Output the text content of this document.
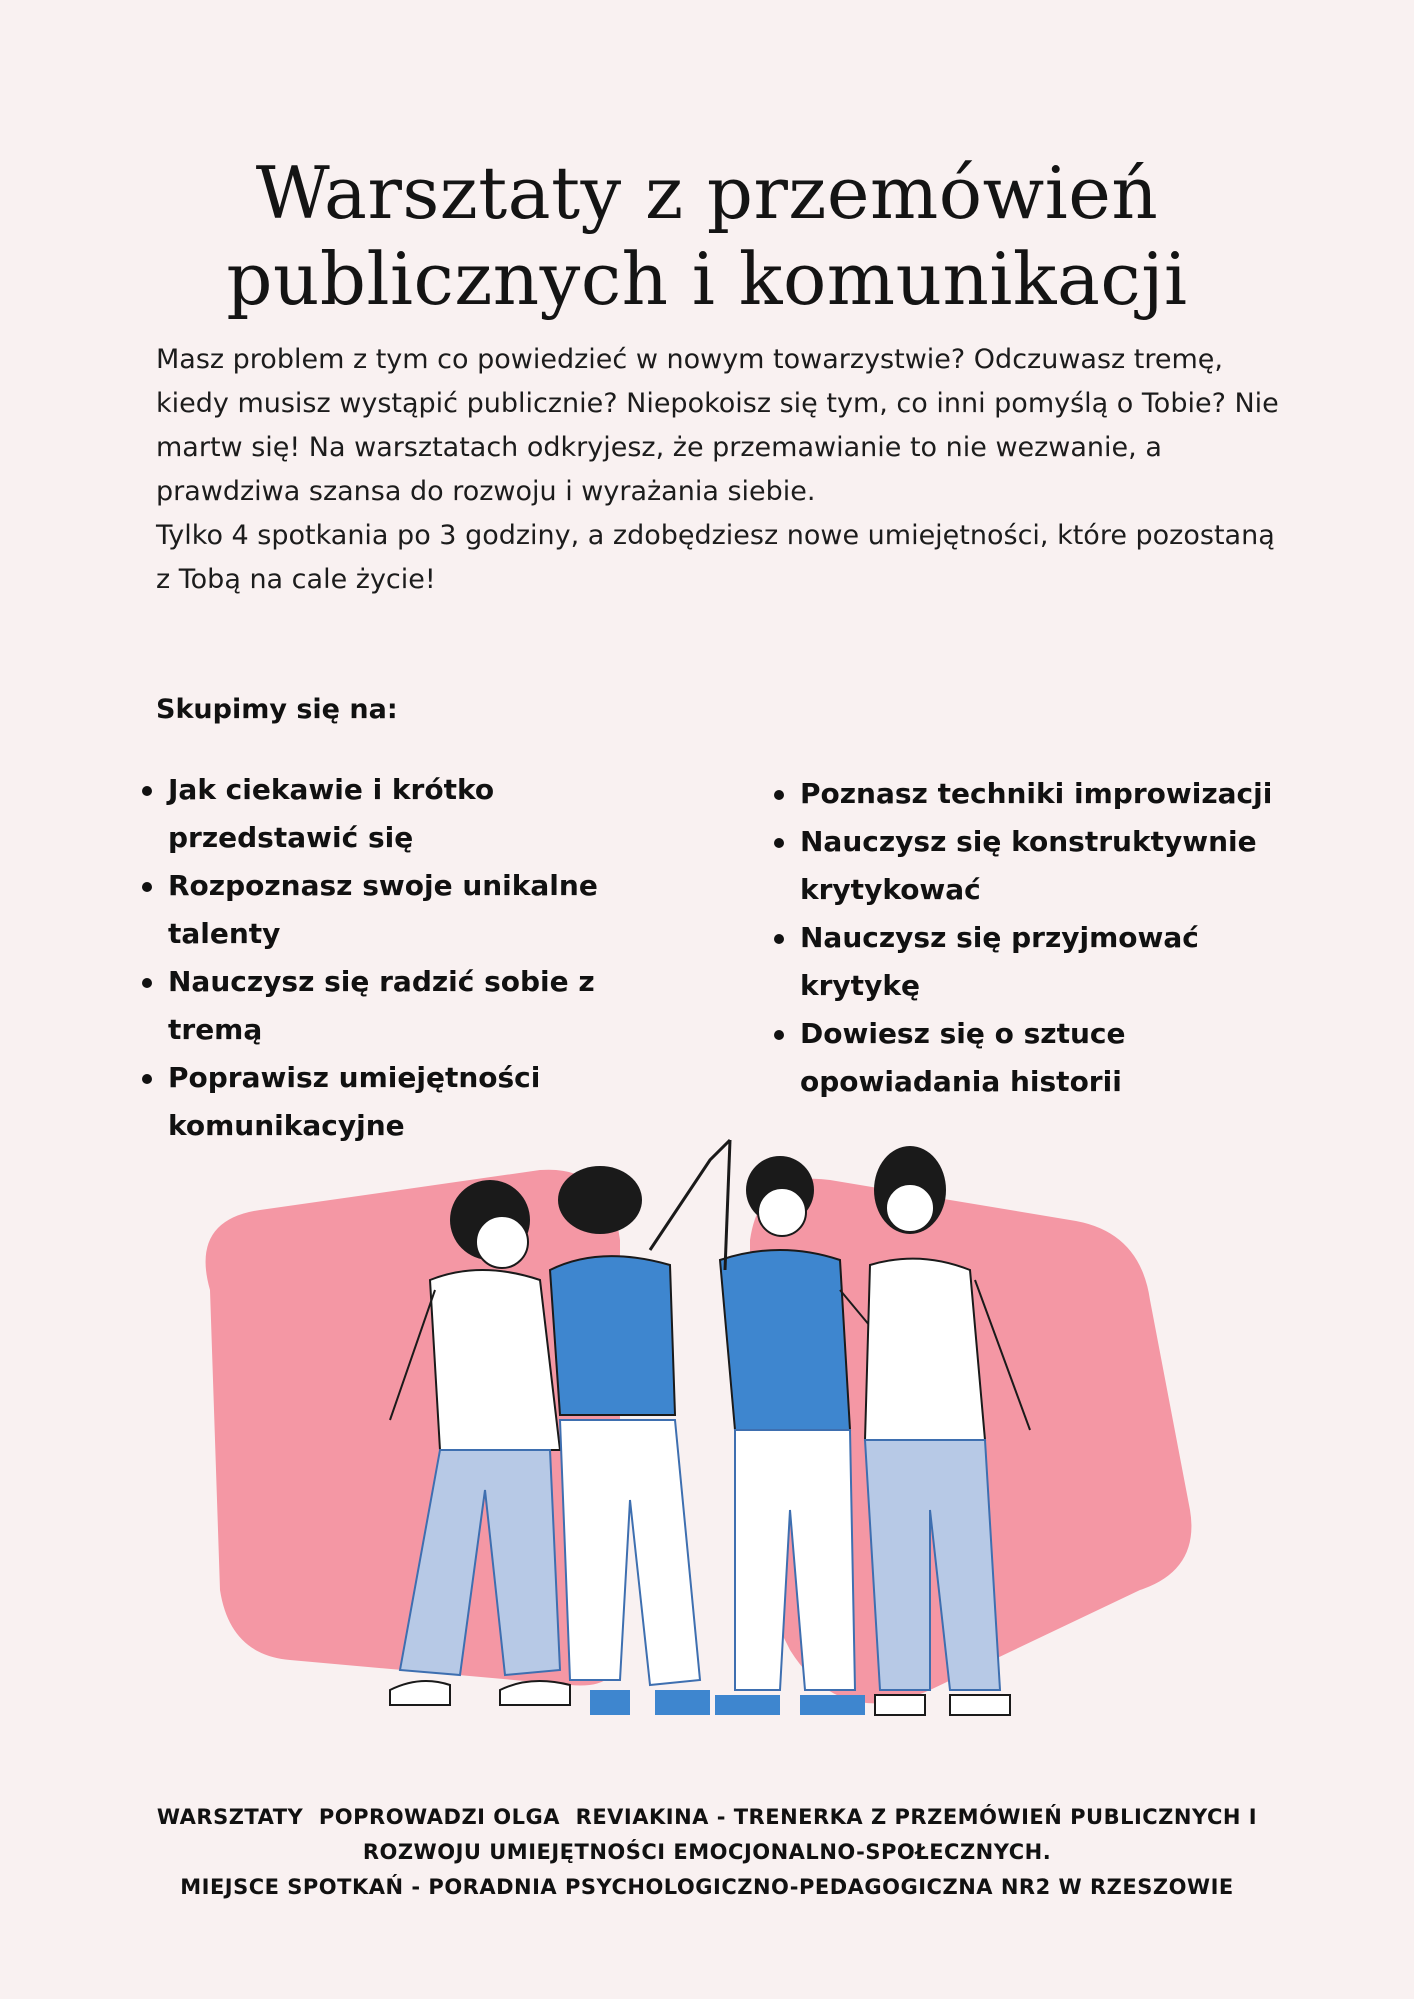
Warsztaty z przemówień
publicznych i komunikacji

Masz problem z tym co powiedzieć w nowym towarzystwie? Odczuwasz tremę, kiedy musisz wystąpić publicznie? Niepokoisz się tym, co inni pomyślą o Tobie? Nie martw się! Na warsztatach odkryjesz, że przemawianie to nie wezwanie, a prawdziwa szansa do rozwoju i wyrażania siebie.

Tylko 4 spotkania po 3 godziny, a zdobędziesz nowe umiejętności, które pozostaną z Tobą na cale życie!

Skupimy się na:
Jak ciekawie i krótko przedstawić się
Rozpoznasz swoje unikalne talenty
Nauczysz się radzić sobie z tremą
Poprawisz umiejętności komunikacyjne
Poznasz techniki improwizacji
Nauczysz się konstruktywnie krytykować
Nauczysz się przyjmować krytykę
Dowiesz się o sztuce opowiadania historii
WARSZTATY  POPROWADZI OLGA  REVIAKINA - TRENERKA Z PRZEMÓWIEŃ PUBLICZNYCH I
ROZWOJU UMIEJĘTNOŚCI EMOCJONALNO-SPOŁECZNYCH.
MIEJSCE SPOTKAŃ - PORADNIA PSYCHOLOGICZNO-PEDAGOGICZNA NR2 W RZESZOWIE
